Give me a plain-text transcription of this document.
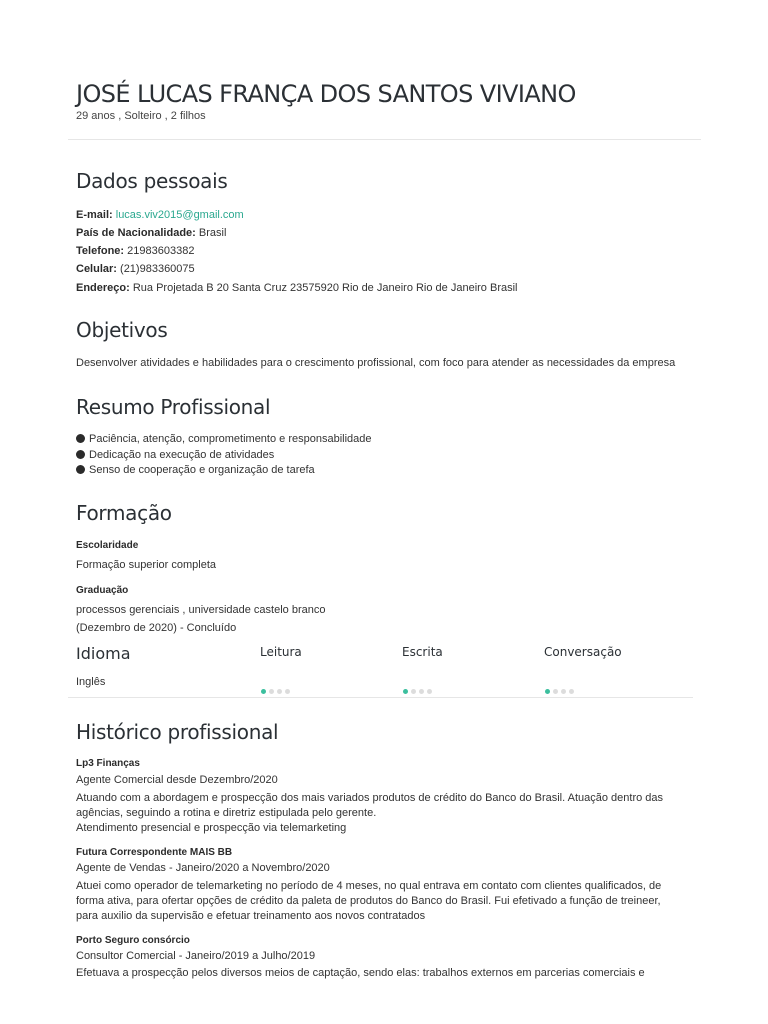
JOSÉ LUCAS FRANÇA DOS SANTOS VIVIANO
29 anos , Solteiro , 2 filhos
Dados pessoais
E-mail: lucas.viv2015@gmail.com
País de Nacionalidade: Brasil
Telefone: 21983603382
Celular: (21)983360075
Endereço: Rua Projetada B 20 Santa Cruz 23575920 Rio de Janeiro Rio de Janeiro Brasil
Objetivos
Desenvolver atividades e habilidades para o crescimento profissional, com foco para atender as necessidades da empresa
Resumo Profissional
Paciência, atenção, comprometimento e responsabilidade
Dedicação na execução de atividades
Senso de cooperação e organização de tarefa
Formação
Escolaridade
Formação superior completa
Graduação
processos gerenciais , universidade castelo branco
(Dezembro de 2020) - Concluído
Idioma	Leitura	Escrita	Conversação
Inglês
Histórico profissional
Lp3 Finanças
Agente Comercial desde Dezembro/2020
Atuando com a abordagem e prospecção dos mais variados produtos de crédito do Banco do Brasil. Atuação dentro das
agências, seguindo a rotina e diretriz estipulada pelo gerente.
Atendimento presencial e prospecção via telemarketing
Futura Correspondente MAIS BB
Agente de Vendas - Janeiro/2020 a Novembro/2020
Atuei como operador de telemarketing no período de 4 meses, no qual entrava em contato com clientes qualificados, de
forma ativa, para ofertar opções de crédito da paleta de produtos do Banco do Brasil. Fui efetivado a função de treineer,
para auxilio da supervisão e efetuar treinamento aos novos contratados
Porto Seguro consórcio
Consultor Comercial - Janeiro/2019 a Julho/2019
Efetuava a prospecção pelos diversos meios de captação, sendo elas: trabalhos externos em parcerias comerciais e
